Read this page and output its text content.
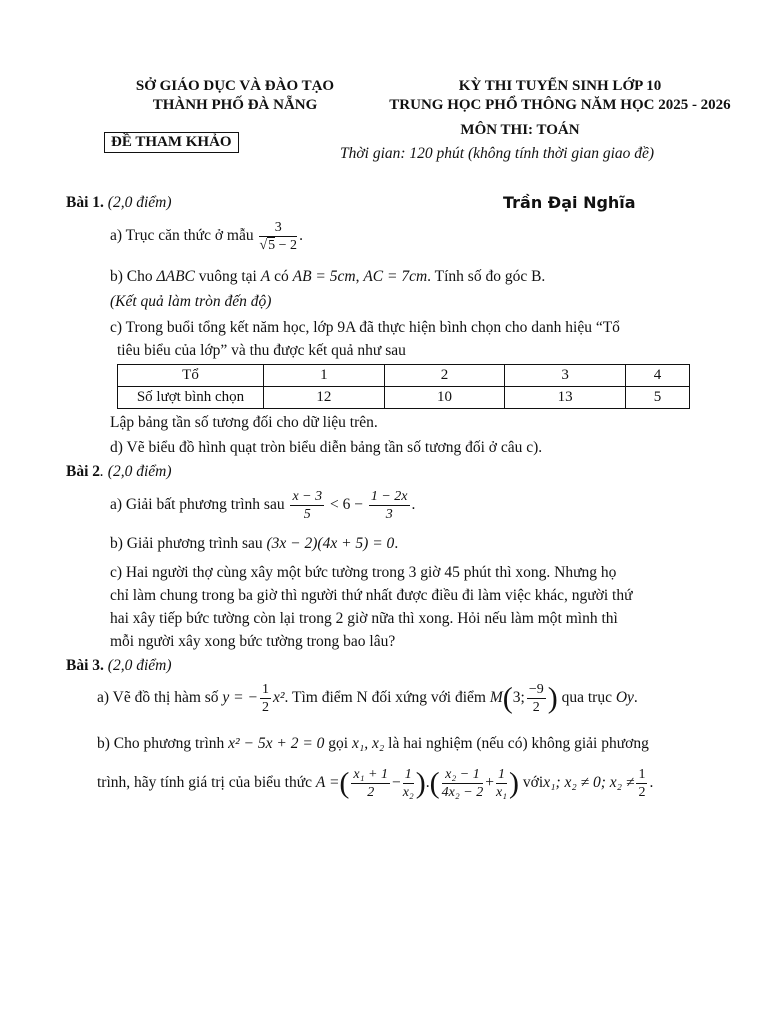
SỞ GIÁO DỤC VÀ ĐÀO TẠO
THÀNH PHỐ ĐÀ NẴNG
ĐỀ THAM KHẢO
KỲ THI TUYỂN SINH LỚP 10
TRUNG HỌC PHỔ THÔNG NĂM HỌC 2025 - 2026
MÔN THI: TOÁN
Thời gian: 120 phút (không tính thời gian giao đề)
Bài 1. (2,0 điểm)	Trần Đại Nghĩa
a) Trục căn thức ở mẫu $\frac{3}{√5 - 2}$ .
b) Cho ΔABC vuông tại A có AB = 5cm, AC = 7cm. Tính số đo góc B.
(Kết quả làm tròn đến độ)
c) Trong buổi tổng kết năm học, lớp 9A đã thực hiện bình chọn cho danh hiệu “Tổ
tiêu biểu của lớp” và thu được kết quả như sau
Tổ	1	2	3	4
Số lượt bình chọn	12	10	13	5
Lập bảng tần số tương đối cho dữ liệu trên.
d) Vẽ biểu đồ hình quạt tròn biểu diễn bảng tần số tương đối ở câu c).
Bài 2. (2,0 điểm)
a) Giải bất phương trình sau $\frac{x - 3}{5} < 6 - \frac{1 - 2x}{3}$ .
b) Giải phương trình sau (3x − 2)(4x + 5) = 0.
c) Hai người thợ cùng xây một bức tường trong 3 giờ 45 phút thì xong. Nhưng họ
chỉ làm chung trong ba giờ thì người thứ nhất được điều đi làm việc khác, người thứ
hai xây tiếp bức tường còn lại trong 2 giờ nữa thì xong. Hỏi nếu làm một mình thì
mỗi người xây xong bức tường trong bao lâu?
Bài 3. (2,0 điểm)
a) Vẽ đồ thị hàm số y = − $\frac{1}{2} x^2$. Tìm điểm N đối xứng với điểm M(3; $\frac{-9}{2}$ ) qua trục Oy.
b) Cho phương trình x² − 5x + 2 = 0 gọi x₁, x₂ là hai nghiệm (nếu có) không giải phương
trình, hãy tính giá trị của biểu thức A =( $\frac{\text{x₁ + 1}}{2} - \frac{1}{\text{x₂}}$ ).( $\frac{\text{x₂ − 1}}{\text{4x₂ − 2}} + \frac{1}{\text{x₁}}$ ) vớix₁; x₂ ≠ 0; $x_2 \ne \frac{1}{2}$ .
